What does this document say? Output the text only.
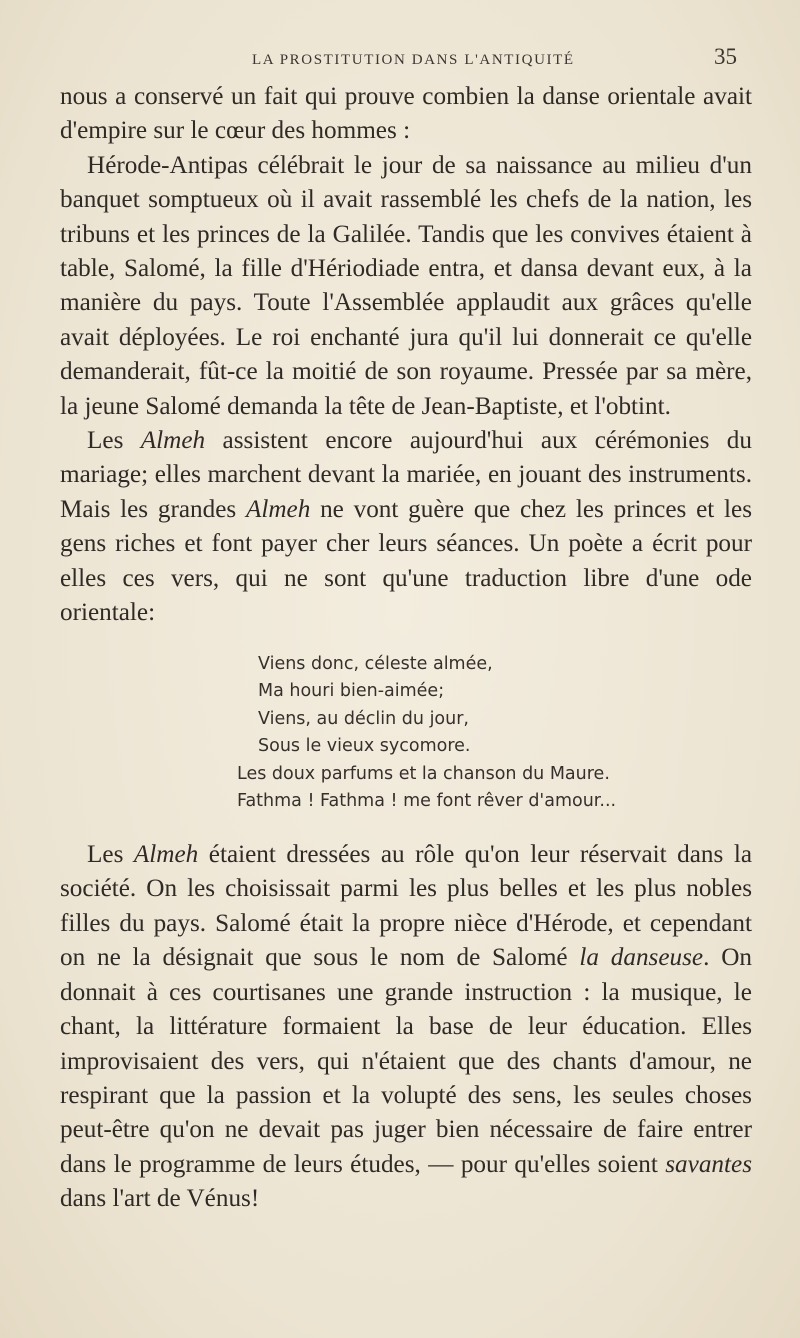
LA PROSTITUTION DANS L'ANTIQUITÉ	35

nous a conservé un fait qui prouve combien la danse orientale avait d'empire sur le cœur des hommes :

Hérode-Antipas célébrait le jour de sa naissance au milieu d'un banquet somptueux où il avait rassemblé les chefs de la nation, les tribuns et les princes de la Galilée. Tandis que les convives étaient à table, Salomé, la fille d'Hériodiade entra, et dansa devant eux, à la manière du pays. Toute l'Assemblée applaudit aux grâces qu'elle avait déployées. Le roi enchanté jura qu'il lui donnerait ce qu'elle demanderait, fût-ce la moitié de son royaume. Pressée par sa mère, la jeune Salomé demanda la tête de Jean-Baptiste, et l'obtint.

Les Almeh assistent encore aujourd'hui aux cérémonies du mariage; elles marchent devant la mariée, en jouant des instruments. Mais les grandes Almeh ne vont guère que chez les princes et les gens riches et font payer cher leurs séances. Un poète a écrit pour elles ces vers, qui ne sont qu'une traduction libre d'une ode orientale:

Viens donc, céleste almée,
Ma houri bien-aimée;
Viens, au déclin du jour,
Sous le vieux sycomore.
Les doux parfums et la chanson du Maure.
Fathma ! Fathma ! me font rêver d'amour...

Les Almeh étaient dressées au rôle qu'on leur réservait dans la société. On les choisissait parmi les plus belles et les plus nobles filles du pays. Salomé était la propre nièce d'Hérode, et cependant on ne la désignait que sous le nom de Salomé la danseuse. On donnait à ces courtisanes une grande instruction : la musique, le chant, la littérature formaient la base de leur éducation. Elles improvisaient des vers, qui n'étaient que des chants d'amour, ne respirant que la passion et la volupté des sens, les seules choses peut-être qu'on ne devait pas juger bien nécessaire de faire entrer dans le programme de leurs études, — pour qu'elles soient savantes dans l'art de Vénus!
